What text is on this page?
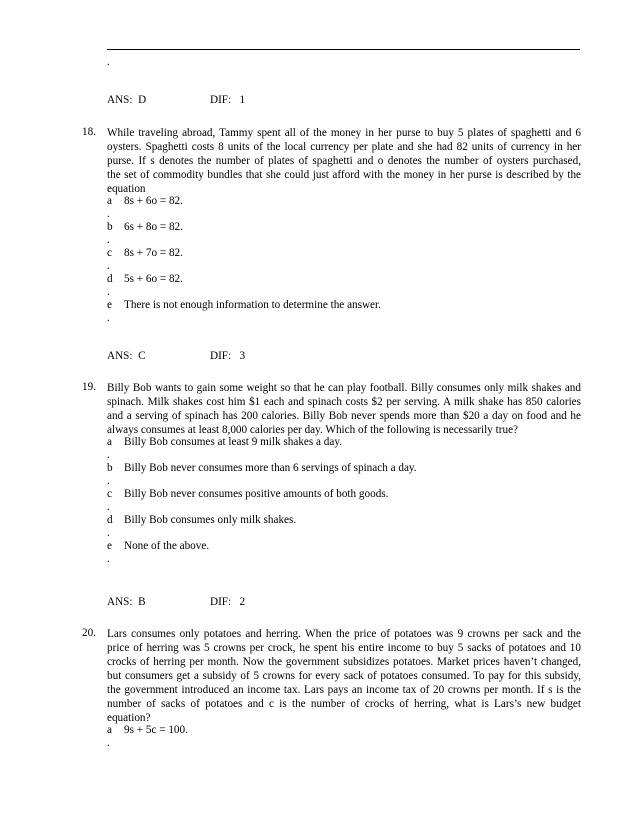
.
ANS: D	DIF: 1
18. While traveling abroad, Tammy spent all of the money in her purse to buy 5 plates of spaghetti and 6
oysters. Spaghetti costs 8 units of the local currency per plate and she had 82 units of currency in her
purse. If s denotes the number of plates of spaghetti and o denotes the number of oysters purchased,
the set of commodity bundles that she could just afford with the money in her purse is described by the
equation
a 8s + 6o = 82.
.
b 6s + 8o = 82.
.
c 8s + 7o = 82.
.
d 5s + 6o = 82.
.
e There is not enough information to determine the answer.
.
ANS: C	DIF: 3
19. Billy Bob wants to gain some weight so that he can play football. Billy consumes only milk shakes and
spinach. Milk shakes cost him $1 each and spinach costs $2 per serving. A milk shake has 850 calories
and a serving of spinach has 200 calories. Billy Bob never spends more than $20 a day on food and he
always consumes at least 8,000 calories per day. Which of the following is necessarily true?
a Billy Bob consumes at least 9 milk shakes a day.
.
b Billy Bob never consumes more than 6 servings of spinach a day.
.
c Billy Bob never consumes positive amounts of both goods.
.
d Billy Bob consumes only milk shakes.
.
e None of the above.
.
ANS: B	DIF: 2
20. Lars consumes only potatoes and herring. When the price of potatoes was 9 crowns per sack and the
price of herring was 5 crowns per crock, he spent his entire income to buy 5 sacks of potatoes and 10
crocks of herring per month. Now the government subsidizes potatoes. Market prices haven’t changed,
but consumers get a subsidy of 5 crowns for every sack of potatoes consumed. To pay for this subsidy,
the government introduced an income tax. Lars pays an income tax of 20 crowns per month. If s is the
number of sacks of potatoes and c is the number of crocks of herring, what is Lars’s new budget
equation?
a 9s + 5c = 100.
.
